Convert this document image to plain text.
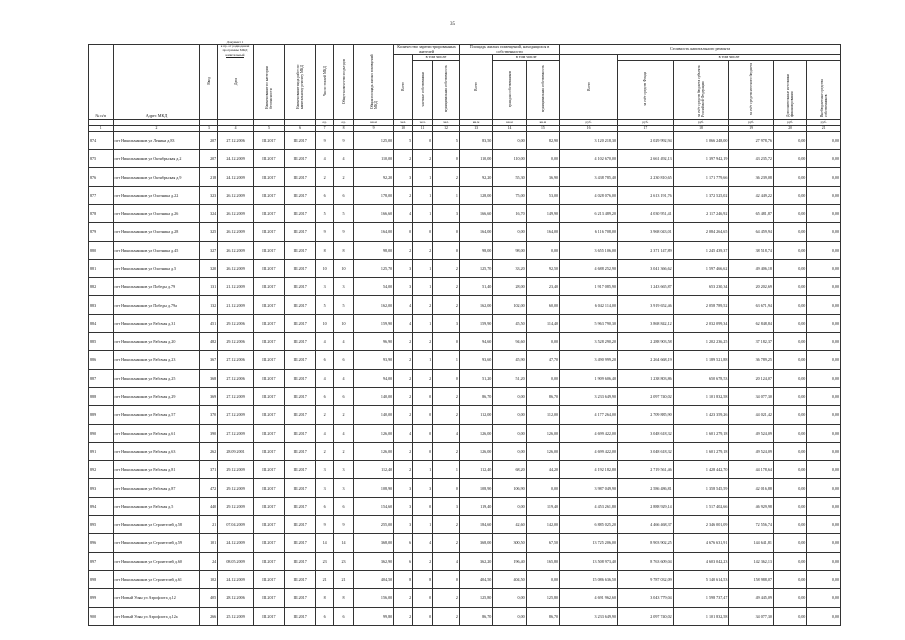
35
Документ 1
к пр. от радиоданой
программы МКД
капитальный
№ п/п	Адрес МКД	Ввод	Дата	Наименование по категории безопасности	Наименование вида работ по капитальному ремонту МКД	Число этажей МКД	Общее количество подъездов	Общая площадь жилых помещений МКД	Количество зарегистрированных жителей			Площадь жилых помещений, находящихся в собственности			Стоимость капитального ремонта					
									Всего	в том числе		Всего	в том числе		Всего	в том числе				
										частные собственники	муниципальная собственность		граждан собственников	муниципальная собственность		за счёт средств Фонда	за счёт средств бюджета субъекта Российской Федерации	за счёт средств местного бюджета	Дополнительные источники финансирования	Внебюджетные средства собственников
						ед.	ед.	кв.м	чел.	чел.	чел.	кв.м	кв.м	кв.м	руб.	руб.	руб.	руб.	руб.	руб.
1	2	3	4	5	6	7	8	9	10	11	12	13	14	15	16	17	18	19	20	21
874	пгт Никольмашков ул Ленина д.83	207	27.12.2006	III.2017	III.2017	9	9	125,00	5	0	5	83,50	0,00	82,90	3 120 218,30	2 029 992,94	1 066 248,00	27 978,76	0,00	0,00
875	пгт Никольмашков ул Октябрьская д.2	207	24.12.2009	III.2017	III.2017	4	4	110,00	2	2	0	110,00	110,00	0,00	4 102 670,00	2 661 492,13	1 397 942,19	43 235,72	0,00	0,00
876	пгт Никольмашков ул Октябрьская д.9	218	24.12.2009	III.2017	III.2017	2	2	92,20	3	1	2	92,20	55,30	36,90	3 438 785,40	2 230 810,65	1 171 779,66	36 239,08	0,00	0,00
877	пгт Никольмашков ул Охотника д.22	323	26.12.2009	III.2017	III.2017	6	6	178,00	2	1	1	128,00	75,00	53,00	4 028 076,00	2 613 191,76	1 372 525,02	42 449,22	0,00	0,00
878	пгт Никольмашков ул Охотника д.26	324	26.12.2009	III.2017	III.2017	5	5	166,60	4	1	3	166,60	16,70	149,90	6 213 489,20	4 030 951,41	2 117 246,92	65 481,87	0,00	0,00
879	пгт Никольмашков ул Охотника д.28	325	26.12.2009	III.2017	III.2017	9	9	164,00	0	0	0	164,00	0,00	164,00	6 116 708,00	3 968 043,01	2 084 264,65	64 459,94	0,00	0,00
880	пгт Никольмашков ул Охотника д.45	327	26.12.2009	III.2017	III.2017	8	8	98,00	2	2	0	98,00	98,00	0,00	3 655 106,00	2 371 147,89	1 245 439,37	38 518,74	0,00	0,00
881	пгт Никольмашков ул Охотника д.5	320	26.12.2009	III.2017	III.2017	10	10	125,70	3	1	2	125,70	33,20	92,50	4 688 252,90	3 041 366,62	1 597 466,62	49 406,18	0,00	0,00
882	пгт Никольмашков ул Победы д.79	131	21.12.2009	III.2017	III.2017	3	3	54,00	3	1	2	51,40	28,00	23,40	1 917 085,90	1 243 665,87	653 230,34	20 202,69	0,00	0,00
883	пгт Никольмашков ул Победы д.79а	132	21.12.2009	III.2017	III.2017	5	5	162,00	4	2	2	162,00	102,00	60,00	6 042 114,00	3 919 652,46	2 058 789,52	63 671,94	0,00	0,00
884	пгт Никольмашков ул Рабочая д.31	451	29.12.2006	III.2017	III.2017	10	10	159,90	4	1	3	159,90	45,50	114,40	5 963 790,30	3 868 842,12	2 032 099,34	62 848,84	0,00	0,00
885	пгт Никольмашков ул Рабочая д.20	482	29.12.2006	III.2017	III.2017	4	4	96,90	2	2	0	94,60	94,60	0,00	3 528 290,20	2 288 903,58	1 202 236,25	37 182,37	0,00	0,00
886	пгт Никольмашков ул Рабочая д.23	367	27.12.2006	III.2017	III.2017	6	6	93,90	2	1	1	93,60	45,90	47,70	3 490 999,20	2 264 668,19	1 189 521,88	36 789,25	0,00	0,00
887	пгт Никольмашков ул Рабочая д.25	368	27.12.2006	III.2017	III.2017	4	4	94,00	2	2	0	51,20	51,20	0,00	1 909 606,40	1 238 803,86	650 678,53	20 124,07	0,00	0,00
888	пгт Никольмашков ул Рабочая д.29	369	27.12.2009	III.2017	III.2017	6	6	140,00	2	0	2	86,70	0,00	86,70	3 233 649,90	2 097 740,02	1 101 832,58	34 077,30	0,00	0,00
889	пгт Никольмашков ул Рабочая д.57	370	27.12.2009	III.2017	III.2017	2	2	140,00	2	0	2	112,00	0,00	112,00	4 177 264,00	2 709 885,90	1 423 359,26	44 021,42	0,00	0,00
890	пгт Никольмашков ул Рабочая д.61	390	27.12.2009	III.2017	III.2017	4	4	126,00	4	0	4	126,00	0,00	126,00	4 699 422,00	3 048 618,32	1 601 279,18	49 524,09	0,00	0,00
891	пгт Никольмашков ул Рабочая д.63	262	28.09.2001	III.2017	III.2017	2	2	126,00	2	0	2	126,00	0,00	126,00	4 699 422,00	3 048 618,32	1 601 279,18	49 524,09	0,00	0,00
892	пгт Никольмашков ул Рабочая д.81	371	29.12.2009	III.2017	III.2017	3	3	112,40	2	1	1	112,40	68,20	44,20	4 192 182,80	2 719 561,46	1 428 442,70	44 178,64	0,00	0,00
893	пгт Никольмашков ул Рабочая д.87	472	29.12.2009	III.2017	III.2017	3	3	108,90	3	3	0	108,90	106,90	0,00	3 987 049,90	2 586 486,81	1 358 545,59	42 016,88	0,00	0,00
894	пгт Никольмашков ул Рабочая д.5	440	29.12.2009	III.2017	III.2017	6	6	154,60	3	0	3	119,40	0,00	119,40	4 453 261,80	2 888 929,14	1 517 402,66	46 929,98	0,00	0,00
895	пгт Никольмашков ул Строителей д.58	21	07.04.2009	III.2017	III.2017	9	9	255,00	3	1	2	184,60	42,60	142,00	6 885 025,20	4 466 468,37	2 346 001,09	72 556,74	0,00	0,00
896	пгт Никольмашков ул Строителей д.59	101	24.12.2009	III.2017	III.2017	14	14	368,00	6	4	2	368,00	300,50	67,50	13 725 206,00	8 903 902,25	4 676 631,91	144 641,81	0,00	0,00
897	пгт Никольмашков ул Строителей д.60	24	08.05.2009	III.2017	III.2017	23	23	362,90	6	2	4	362,20	196,40	165,80	13 508 973,40	8 763 609,04	4 603 042,23	142 362,13	0,00	0,00
898	пгт Никольмашков ул Строителей д.61	102	24.12.2009	III.2017	III.2017	21	21	404,50	8	8	0	404,50	404,50	0,00	15 086 636,50	9 787 032,09	5 140 614,53	158 988,07	0,00	0,00
899	пгт Новый Уоян ул Аэрофлота д.12	405	28.12.2006	III.2017	III.2017	8	8	156,00	2	0	2	125,80	0,00	125,80	4 691 962,60	3 043 779,04	1 598 737,47	49 445,09	0,00	0,00
900	пгт Новый Уоян ул Аэрофлота д.12а	266	25.12.2009	III.2017	III.2017	6	6	99,80	2	0	2	86,70	0,00	86,70	3 233 649,90	2 097 740,02	1 101 832,58	34 077,30	0,00	0,00
